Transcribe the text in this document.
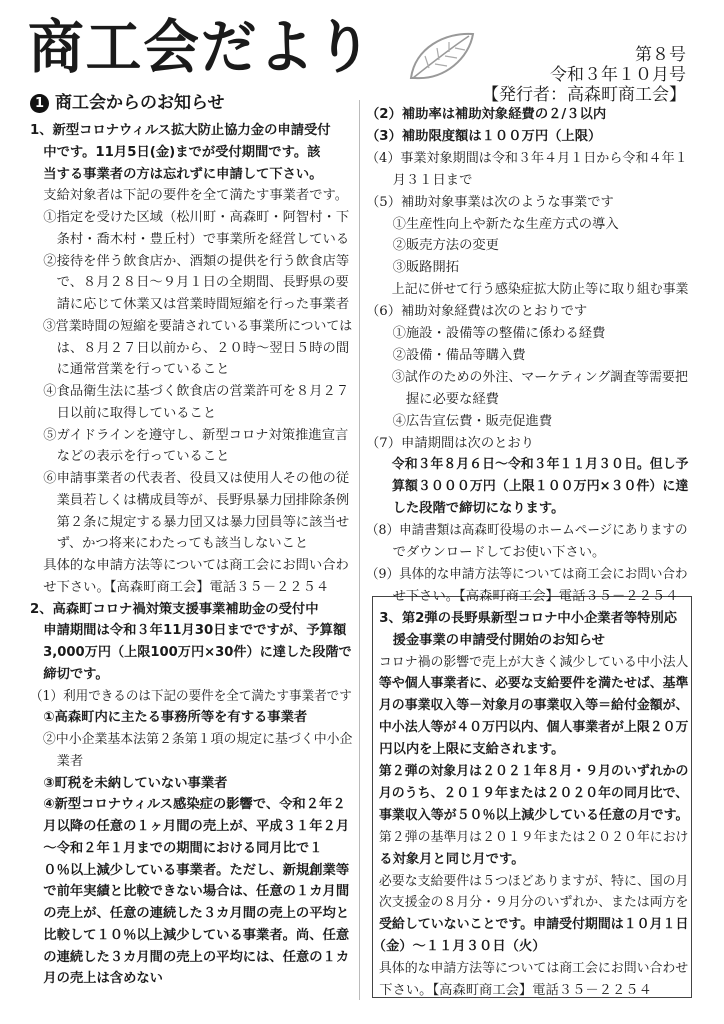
商工会だより	第８号
令和３年１０月号
【発行者：高森町商工会】
1 商工会からのお知らせ
1、新型コロナウィルス拡大防止協力金の申請受付
　中です。11月5日(金)までが受付期間です。該
　当する事業者の方は忘れずに申請して下さい。
　支給対象者は下記の要件を全て満たす事業者です。
　①指定を受けた区域（松川町・高森町・阿智村・下
　　条村・喬木村・豊丘村）で事業所を経営している
　②接待を伴う飲食店か、酒類の提供を行う飲食店等
　　で、８月２８日～９月１日の全期間、長野県の要
　　請に応じて休業又は営業時間短縮を行った事業者
　③営業時間の短縮を要請されている事業所については
　　は、８月２７日以前から、２０時～翌日５時の間
　　に通常営業を行っていること
　④食品衛生法に基づく飲食店の営業許可を８月２７
　　日以前に取得していること
　⑤ガイドラインを遵守し、新型コロナ対策推進宣言
　　などの表示を行っていること
　⑥申請事業者の代表者、役員又は使用人その他の従
　　業員若しくは構成員等が、長野県暴力団排除条例
　　第２条に規定する暴力団又は暴力団員等に該当せ
　　ず、かつ将来にわたっても該当しないこと
　具体的な申請方法等については商工会にお問い合わ
　せ下さい。【高森町商工会】電話３５－２２５４
2、高森町コロナ禍対策支援事業補助金の受付中
　申請期間は令和３年11月30日までですが、予算額
　3,000万円（上限100万円×30件）に達した段階で
　締切です。
（1）利用できるのは下記の要件を全て満たす事業者です
　①高森町内に主たる事務所等を有する事業者
　②中小企業基本法第２条第１項の規定に基づく中小企
　　業者
　③町税を未納していない事業者
　④新型コロナウィルス感染症の影響で、令和２年２
　月以降の任意の１ヶ月間の売上が、平成３１年２月
　～令和２年１月までの期間における同月比で１
　０％以上減少している事業者。ただし、新規創業等
　で前年実績と比較できない場合は、任意の１カ月間
　の売上が、任意の連続した３カ月間の売上の平均と
　比較して１０％以上減少している事業者。尚、任意
　の連続した３カ月間の売上の平均には、任意の１カ
　月の売上は含めない
（2）補助率は補助対象経費の２/３以内
（3）補助限度額は１００万円（上限）
（4）事業対象期間は令和３年４月１日から令和４年１
　　月３１日まで
（5）補助対象事業は次のような事業です
　　①生産性向上や新たな生産方式の導入
　　②販売方法の変更
　　③販路開拓
　　上記に併せて行う感染症拡大防止等に取り組む事業
（6）補助対象経費は次のとおりです
　　①施設・設備等の整備に係わる経費
　　②設備・備品等購入費
　　③試作のための外注、マーケティング調査等需要把
　　　握に必要な経費
　　④広告宣伝費・販売促進費
（7）申請期間は次のとおり
　　令和３年８月６日～令和３年１１月３０日。但し予
　　算額３０００万円（上限１００万円×３０件）に達
　　した段階で締切になります。
（8）申請書類は高森町役場のホームページにありますの
　　でダウンロードしてお使い下さい。
（9）具体的な申請方法等については商工会にお問い合わ
　　せ下さい。【高森町商工会】電話３５－２２５４
　3、第2弾の長野県新型コロナ中小企業者等特別応
　　援金事業の申請受付開始のお知らせ
　コロナ禍の影響で売上が大きく減少している中小法人
　等や個人事業者に、必要な支給要件を満たせば、基準
　月の事業収入等－対象月の事業収入等＝給付金額が、
　中小法人等が４０万円以内、個人事業者が上限２０万
　円以内を上限に支給されます。
　第２弾の対象月は２０２１年８月・９月のいずれかの
　月のうち、２０１９年または２０２０年の同月比で、
　事業収入等が５０％以上減少している任意の月です。
　第２弾の基準月は２０１９年または２０２０年におけ
　る対象月と同じ月です。
　必要な支給要件は５つほどありますが、特に、国の月
　次支援金の８月分・９月分のいずれか、または両方を
　受給していないことです。申請受付期間は１０月１日
　（金）～１１月３０日（火）
　具体的な申請方法等については商工会にお問い合わせ
　下さい。【高森町商工会】電話３５－２２５４
